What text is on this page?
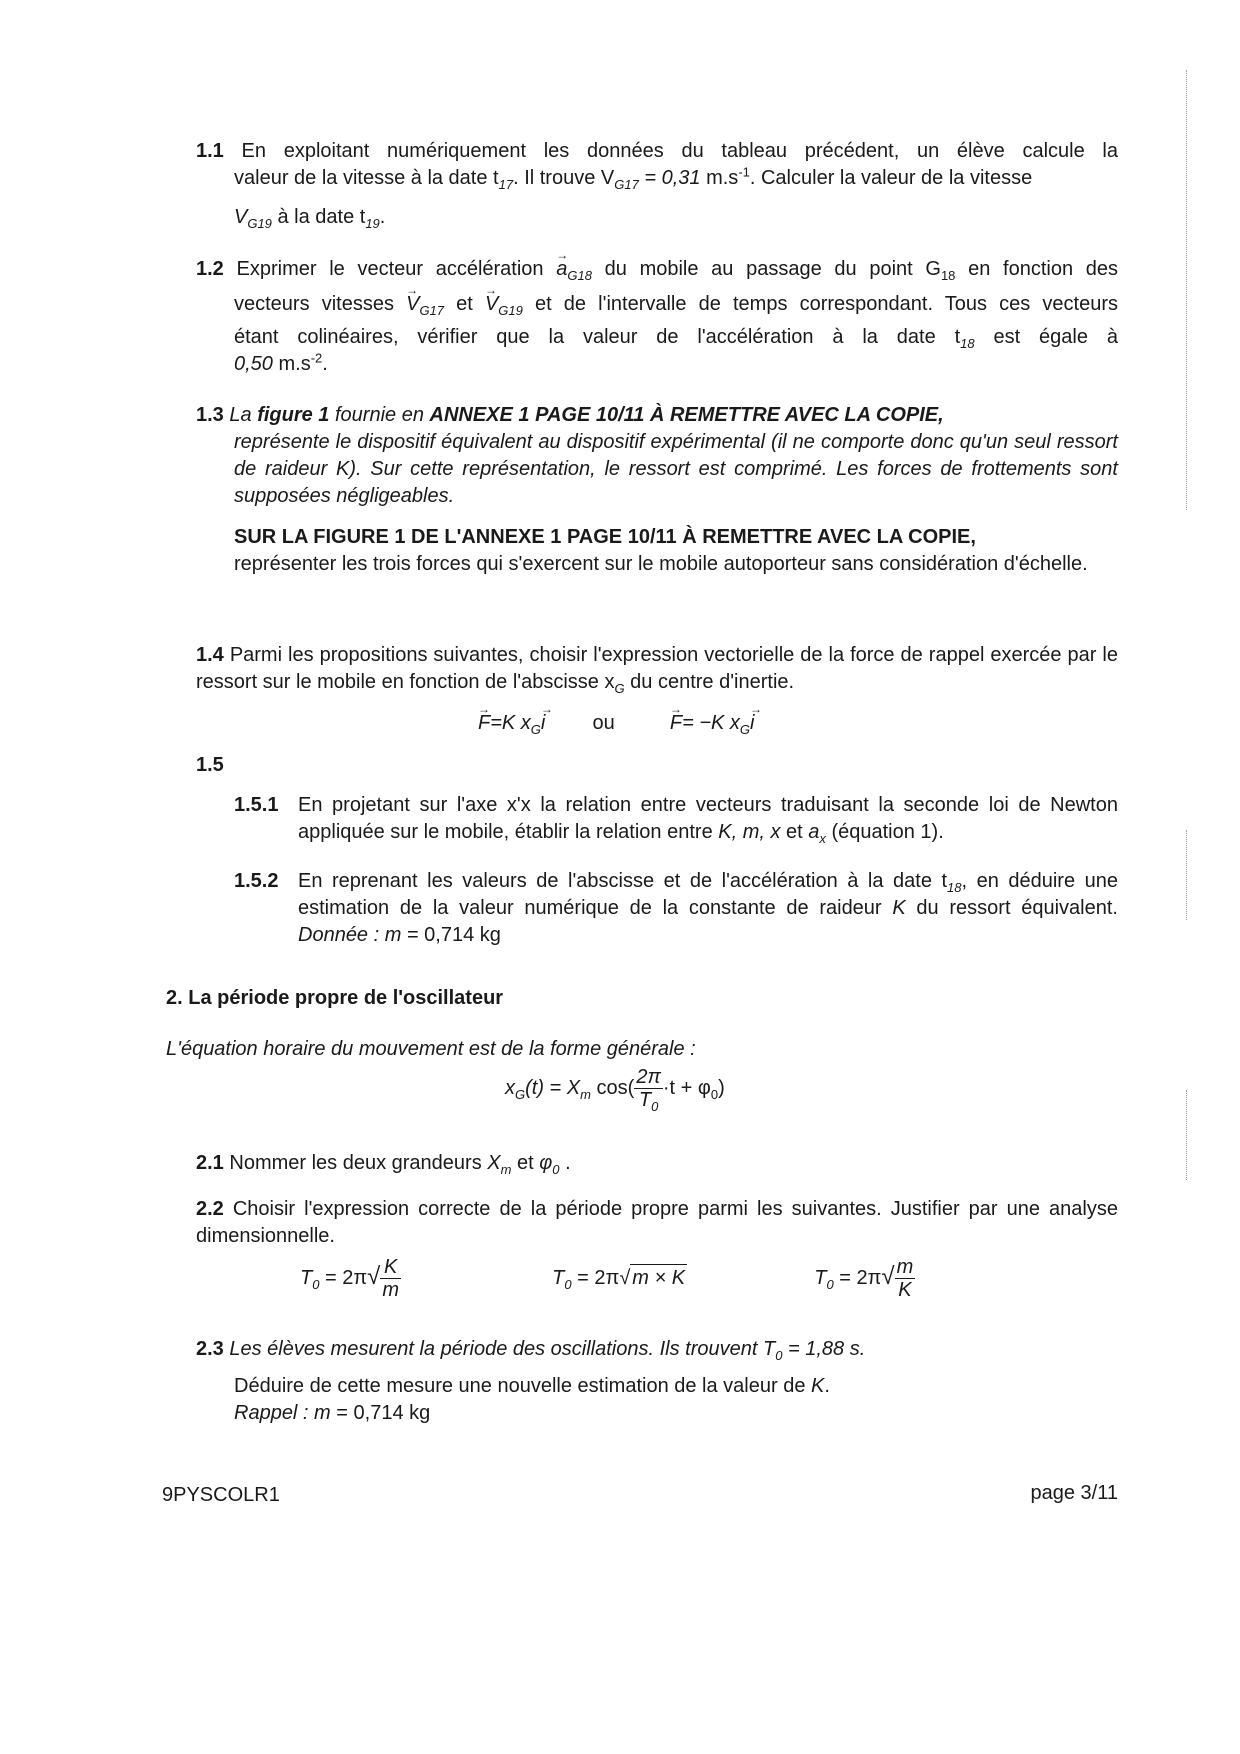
1.1 En exploitant numériquement les données du tableau précédent, un élève calcule la
valeur de la vitesse à la date $t_{17}$. Il trouve $V_{G17} = 0,31$ $m.s^{-1}$. Calculer la valeur de la vitesse
$V_{G19}$ à la date $t_{19}$.
1.2 Exprimer le vecteur accélération → $a_{G18}$ du mobile au passage du point $G_{18}$ en fonction des
vecteurs vitesses → $V_{G17}$ et → $V_{G19}$ et de l'intervalle de temps correspondant. Tous ces vecteurs
étant colinéaires, vérifier que la valeur de l'accélération à la date $t_{18}$ est égale à
0,50 $m.s^{-2}$.
1.3 La figure 1 fournie en ANNEXE 1 PAGE 10/11 À REMETTRE AVEC LA COPIE,
représente le dispositif équivalent au dispositif expérimental (il ne comporte donc qu'un seul ressort de raideur K). Sur cette représentation, le ressort est comprimé. Les forces de frottements sont supposées négligeables.
SUR LA FIGURE 1 DE L'ANNEXE 1 PAGE 10/11 À REMETTRE AVEC LA COPIE,
représenter les trois forces qui s'exercent sur le mobile autoporteur sans considération d'échelle.
1.4 Parmi les propositions suivantes, choisir l'expression vectorielle de la force de rappel exercée par le ressort sur le mobile en fonction de l'abscisse $x_G$ du centre d'inertie.
→ F=K $x_G\to i$ ou  →	F= −K $x_G\to i$
1.5
1.5.1 En projetant sur l'axe x'x la relation entre vecteurs traduisant la seconde loi de Newton appliquée sur le mobile, établir la relation entre K, m, x et $a_x$ (équation 1).
1.5.2 En reprenant les valeurs de l'abscisse et de l'accélération à la date $t_{18}$, en déduire une estimation de la valeur numérique de la constante de raideur K du ressort équivalent. Donnée : m = 0,714 kg
2. La période propre de l'oscillateur
L'équation horaire du mouvement est de la forme générale :
$x_G(t) = X_m$ $\cos( \frac{2\pi}{T_0} \cdot t + \varphi_0)$
2.1 Nommer les deux grandeurs $X_m$ et $\varphi_0$ .
2.2 Choisir l'expression correcte de la période propre parmi les suivantes. Justifier par une analyse dimensionnelle.
$T_0 = 2\pi√ \frac{K}{m}$	$T_0 = 2\pi√$ m × K	$T_0 = 2\pi√ \frac{m}{K}$
2.3 Les élèves mesurent la période des oscillations. Ils trouvent $T_0 = 1,88$ s.
Déduire de cette mesure une nouvelle estimation de la valeur de K.
Rappel : m = 0,714 kg
9PYSCOLR1	page 3/11
